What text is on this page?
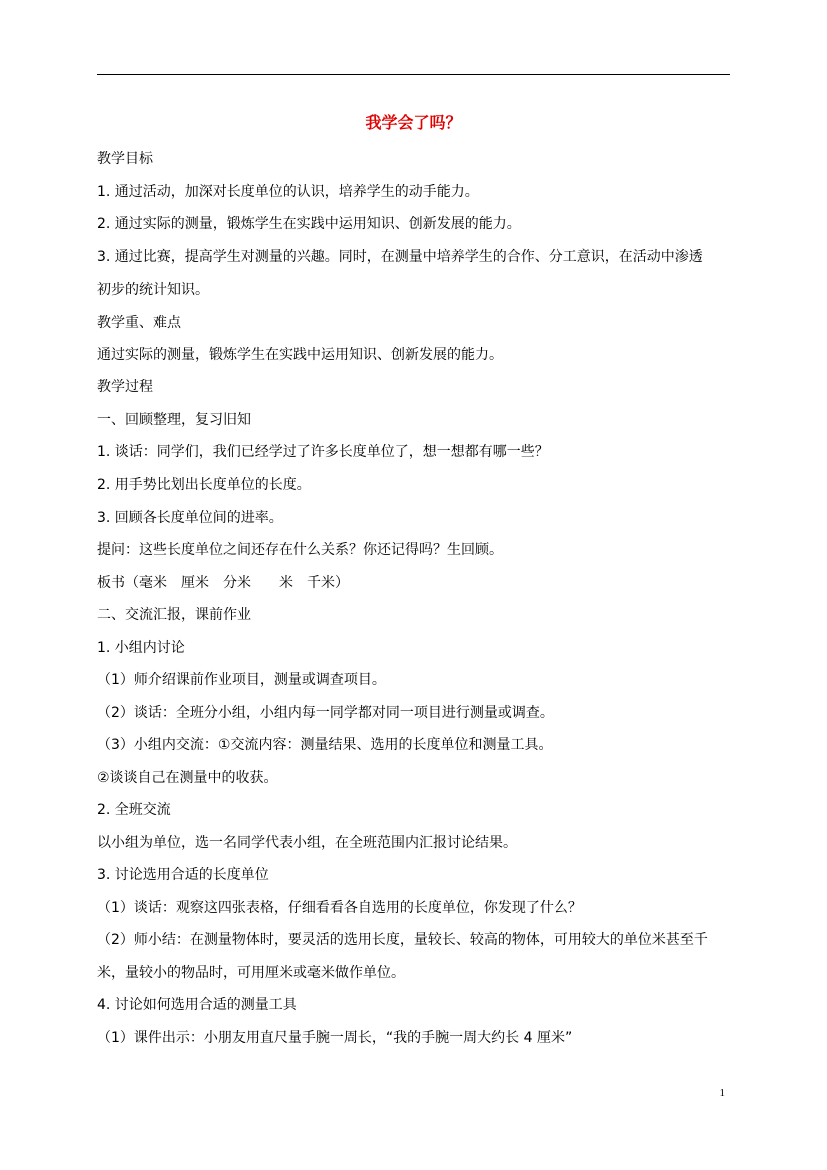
我学会了吗？
教学目标
1. 通过活动，加深对长度单位的认识，培养学生的动手能力。
2. 通过实际的测量，锻炼学生在实践中运用知识、创新发展的能力。
3. 通过比赛，提高学生对测量的兴趣。同时，在测量中培养学生的合作、分工意识，在活动中渗透
初步的统计知识。
教学重、难点
通过实际的测量，锻炼学生在实践中运用知识、创新发展的能力。
教学过程
一、回顾整理，复习旧知
1. 谈话：同学们，我们已经学过了许多长度单位了，想一想都有哪一些？
2. 用手势比划出长度单位的长度。
3. 回顾各长度单位间的进率。
提问：这些长度单位之间还存在什么关系？你还记得吗？生回顾。
板书（毫米　厘米　分米　　米　千米）
二、交流汇报，课前作业
1. 小组内讨论
（1）师介绍课前作业项目，测量或调查项目。
（2）谈话：全班分小组，小组内每一同学都对同一项目进行测量或调查。
（3）小组内交流：①交流内容：测量结果、选用的长度单位和测量工具。
②谈谈自己在测量中的收获。
2. 全班交流
以小组为单位，选一名同学代表小组，在全班范围内汇报讨论结果。
3. 讨论选用合适的长度单位
（1）谈话：观察这四张表格，仔细看看各自选用的长度单位，你发现了什么？
（2）师小结：在测量物体时，要灵活的选用长度，量较长、较高的物体，可用较大的单位米甚至千
米，量较小的物品时，可用厘米或毫米做作单位。
4. 讨论如何选用合适的测量工具
（1）课件出示：小朋友用直尺量手腕一周长，“我的手腕一周大约长 4 厘米”
1
